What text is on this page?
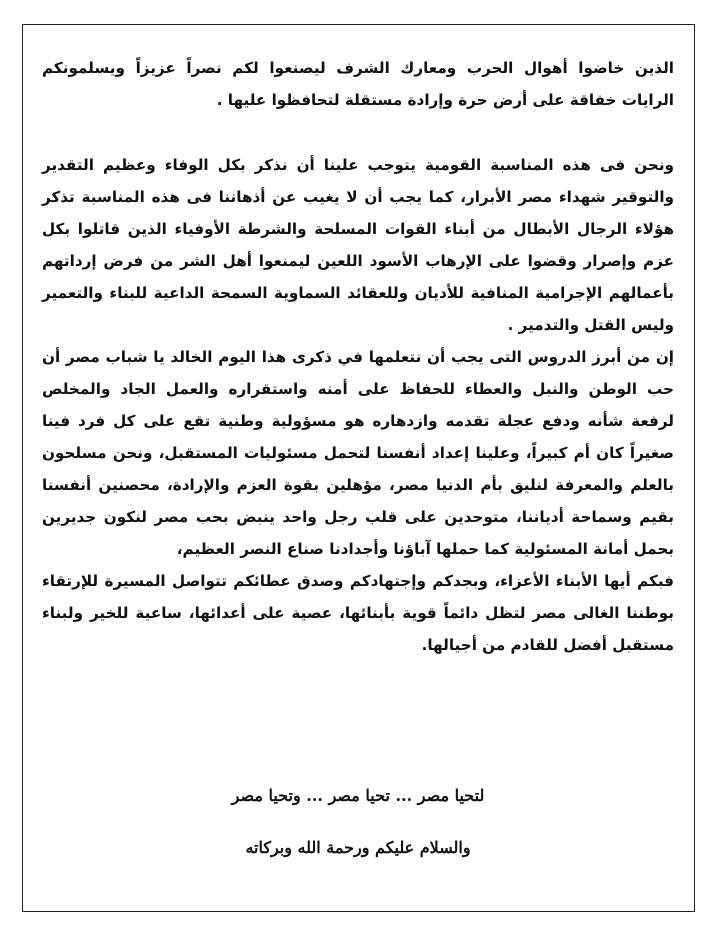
الذين خاضوا أهوال الحرب ومعارك الشرف ليصنعوا لكم نصراً عزيزاً ويسلمونكم الرايات خفاقة على أرض حرة وإرادة مستقلة لتحافظوا عليها .

ونحن فى هذه المناسبة القومية يتوجب علينا أن نذكر بكل الوفاء وعظيم التقدير والتوقير شهداء مصر الأبرار، كما يجب أن لا يغيب عن أذهاننا فى هذه المناسبة تذكر هؤلاء الرجال الأبطال من أبناء القوات المسلحة والشرطة الأوفياء الذين قاتلوا بكل عزم وإصرار وقضوا على الإرهاب الأسود اللعين ليمنعوا أهل الشر من فرض إرداتهم بأعمالهم الإجرامية المنافية للأديان وللعقائد السماوية السمحة الداعية للبناء والتعمير وليس القتل والتدمير .

إن من أبرز الدروس التى يجب أن نتعلمها في ذكرى هذا اليوم الخالد يا شباب مصر أن حب الوطن والنبل والعطاء للحفاظ على أمنه واستقراره والعمل الجاد والمخلص لرفعة شأنه ودفع عجلة تقدمه وازدهاره هو مسؤولية وطنية تقع على كل فرد فينا صغيراً كان أم كبيراً، وعلينا إعداد أنفسنا لتحمل مسئوليات المستقبل، ونحن مسلحون بالعلم والمعرفة لنليق بأم الدنيا مصر، مؤهلين بقوة العزم والإرادة، محصنين أنفسنا بقيم وسماحة أدياننا، متوحدين على قلب رجل واحد ينبض بحب مصر لنكون جديرين بحمل أمانة المسئولية كما حملها آباؤنا وأجدادنا صناع النصر العظيم،

فبكم أيها الأبناء الأعزاء، وبجدكم وإجتهادكم وصدق عطائكم تتواصل المسيرة للإرتقاء بوطننا الغالى مصر لتظل دائماً قوية بأبنائها، عصية على أعدائها، ساعية للخير ولبناء مستقبل أفضل للقادم من أجيالها.

لتحيا مصر ... تحيا مصر ... وتحيا مصر

والسلام عليكم ورحمة الله وبركاته
